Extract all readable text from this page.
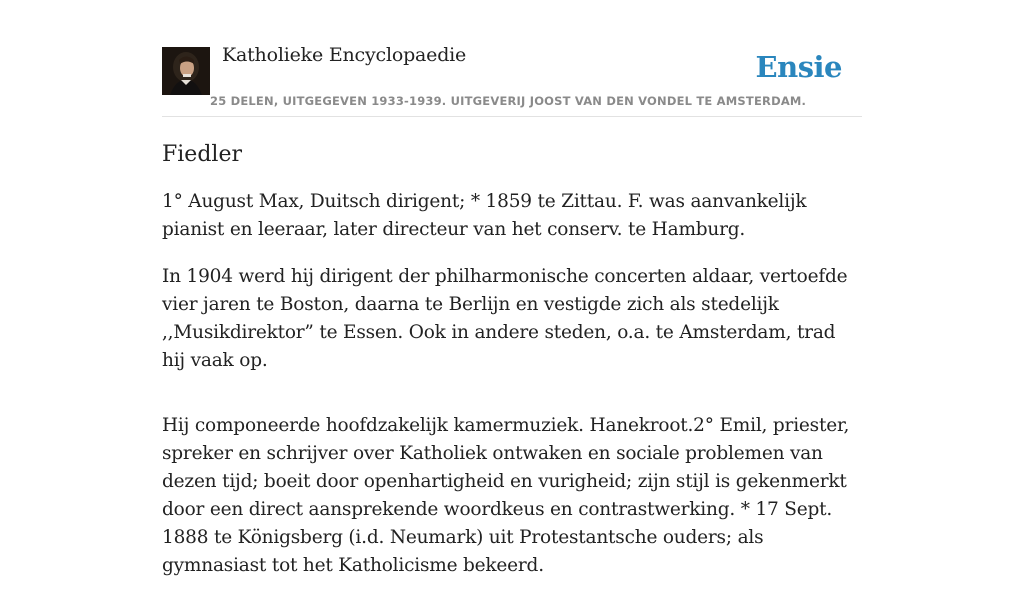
Katholieke Encyclopaedie	Ensie
25 DELEN, UITGEGEVEN 1933-1939. UITGEVERIJ JOOST VAN DEN VONDEL TE AMSTERDAM.
Fiedler

1° August Max, Duitsch dirigent; * 1859 te Zittau. F. was aanvankelijk pianist en leeraar, later directeur van het conserv. te Hamburg.

In 1904 werd hij dirigent der philharmonische concerten aldaar, vertoefde vier jaren te Boston, daarna te Berlijn en vestigde zich als stedelijk ,,Musikdirektor” te Essen. Ook in andere steden, o.a. te Amsterdam, trad hij vaak op.

Hij componeerde hoofdzakelijk kamermuziek. Hanekroot.2° Emil, priester, spreker en schrijver over Katholiek ontwaken en sociale problemen van dezen tijd; boeit door openhartigheid en vurigheid; zijn stijl is gekenmerkt door een direct aansprekende woordkeus en contrastwerking. * 17 Sept. 1888 te Königsberg (i.d. Neumark) uit Protestantsche ouders; als gymnasiast tot het Katholicisme bekeerd.
